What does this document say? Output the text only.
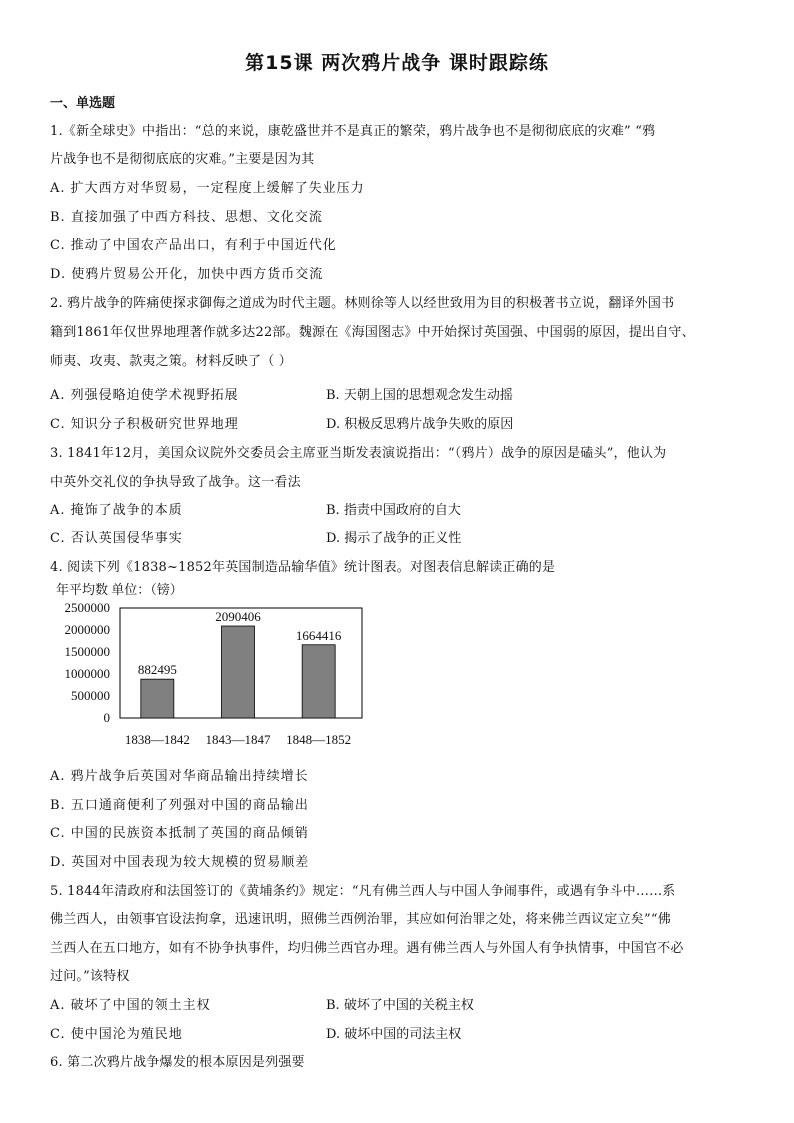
第15课 两次鸦片战争 课时跟踪练
一、单选题
1.《新全球史》中指出：“总的来说，康乾盛世并不是真正的繁荣，鸦片战争也不是彻彻底底的灾难” “鸦
片战争也不是彻彻底底的灾难。”主要是因为其
A. 扩大西方对华贸易，一定程度上缓解了失业压力
B. 直接加强了中西方科技、思想、文化交流
C. 推动了中国农产品出口，有利于中国近代化
D. 使鸦片贸易公开化，加快中西方货币交流
2. 鸦片战争的阵痛使探求御侮之道成为时代主题。林则徐等人以经世致用为目的积极著书立说，翻译外国书
籍到1861年仅世界地理著作就多达22部。魏源在《海国图志》中开始探讨英国强、中国弱的原因，提出自守、
师夷、攻夷、款夷之策。材料反映了（ ）
A. 列强侵略迫使学术视野拓展	B. 天朝上国的思想观念发生动摇
C. 知识分子积极研究世界地理	D. 积极反思鸦片战争失败的原因
3. 1841年12月，美国众议院外交委员会主席亚当斯发表演说指出：“（鸦片）战争的原因是磕头”，他认为
中英外交礼仪的争执导致了战争。这一看法
A. 掩饰了战争的本质	B. 指责中国政府的自大
C. 否认英国侵华事实	D. 揭示了战争的正义性
4. 阅读下列《1838~1852年英国制造品输华值》统计图表。对图表信息解读正确的是
年平均数 单位：（镑）
2500000
2000000
1500000
1000000
500000
0
882495
2090406
1664416
1838—1842 1843—1847 1848—1852
A. 鸦片战争后英国对华商品输出持续增长
B. 五口通商便利了列强对中国的商品输出
C. 中国的民族资本抵制了英国的商品倾销
D. 英国对中国表现为较大规模的贸易顺差
5. 1844年清政府和法国签订的《黄埔条约》规定：“凡有佛兰西人与中国人争闹事件，或遇有争斗中……系
佛兰西人，由领事官设法拘拿，迅速讯明，照佛兰西例治罪，其应如何治罪之处，将来佛兰西议定立矣”“佛
兰西人在五口地方，如有不协争执事件，均归佛兰西官办理。遇有佛兰西人与外国人有争执情事，中国官不必
过问。”该特权
A. 破坏了中国的领土主权	B. 破坏了中国的关税主权
C. 使中国沦为殖民地	D. 破坏中国的司法主权
6. 第二次鸦片战争爆发的根本原因是列强要
